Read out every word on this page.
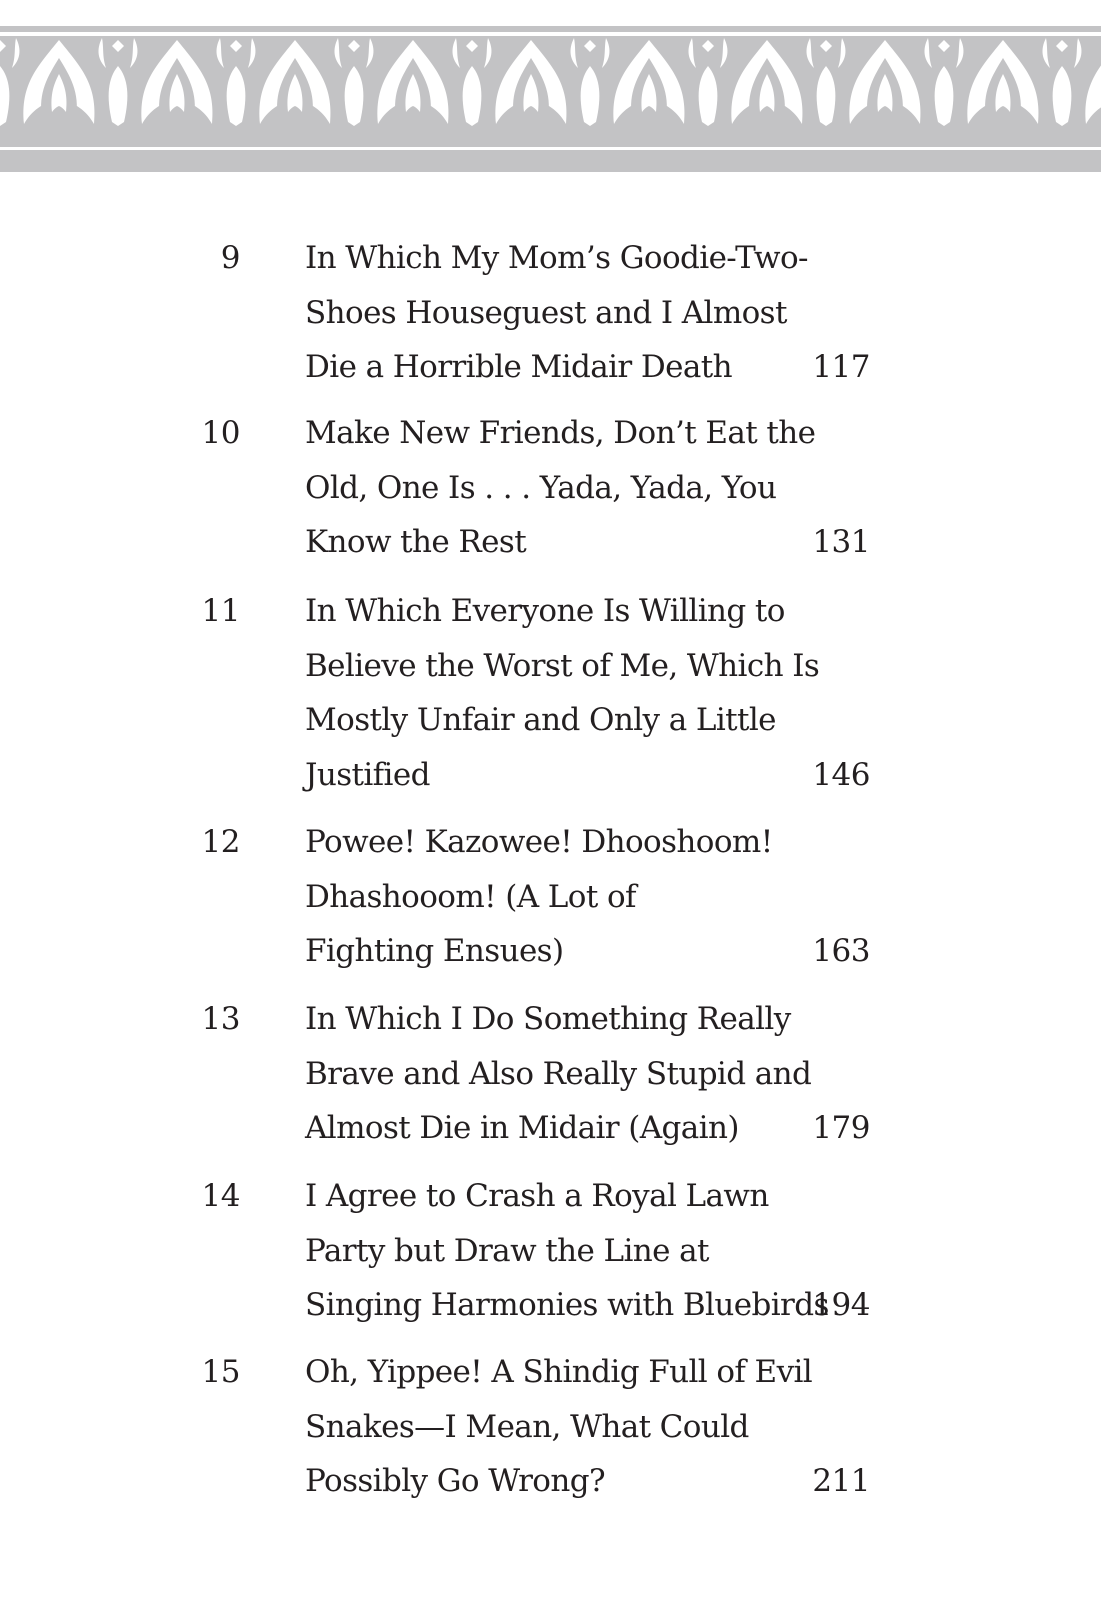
9 In Which My Mom’s Goodie-Two-
Shoes Houseguest and I Almost
Die a Horrible Midair Death	117
10 Make New Friends, Don’t Eat the
Old, One Is . . . Yada, Yada, You
Know the Rest	131
11 In Which Everyone Is Willing to
Believe the Worst of Me, Which Is
Mostly Unfair and Only a Little
Justified	146
12 Powee! Kazowee! Dhooshoom!
Dhashooom! (A Lot of
Fighting Ensues)	163
13 In Which I Do Something Really
Brave and Also Really Stupid and
Almost Die in Midair (Again)	179
14 I Agree to Crash a Royal Lawn
Party but Draw the Line at
Singing Harmonies with Bluebirds
194
15 Oh, Yippee! A Shindig Full of Evil
Snakes—I Mean, What Could
Possibly Go Wrong?	211
